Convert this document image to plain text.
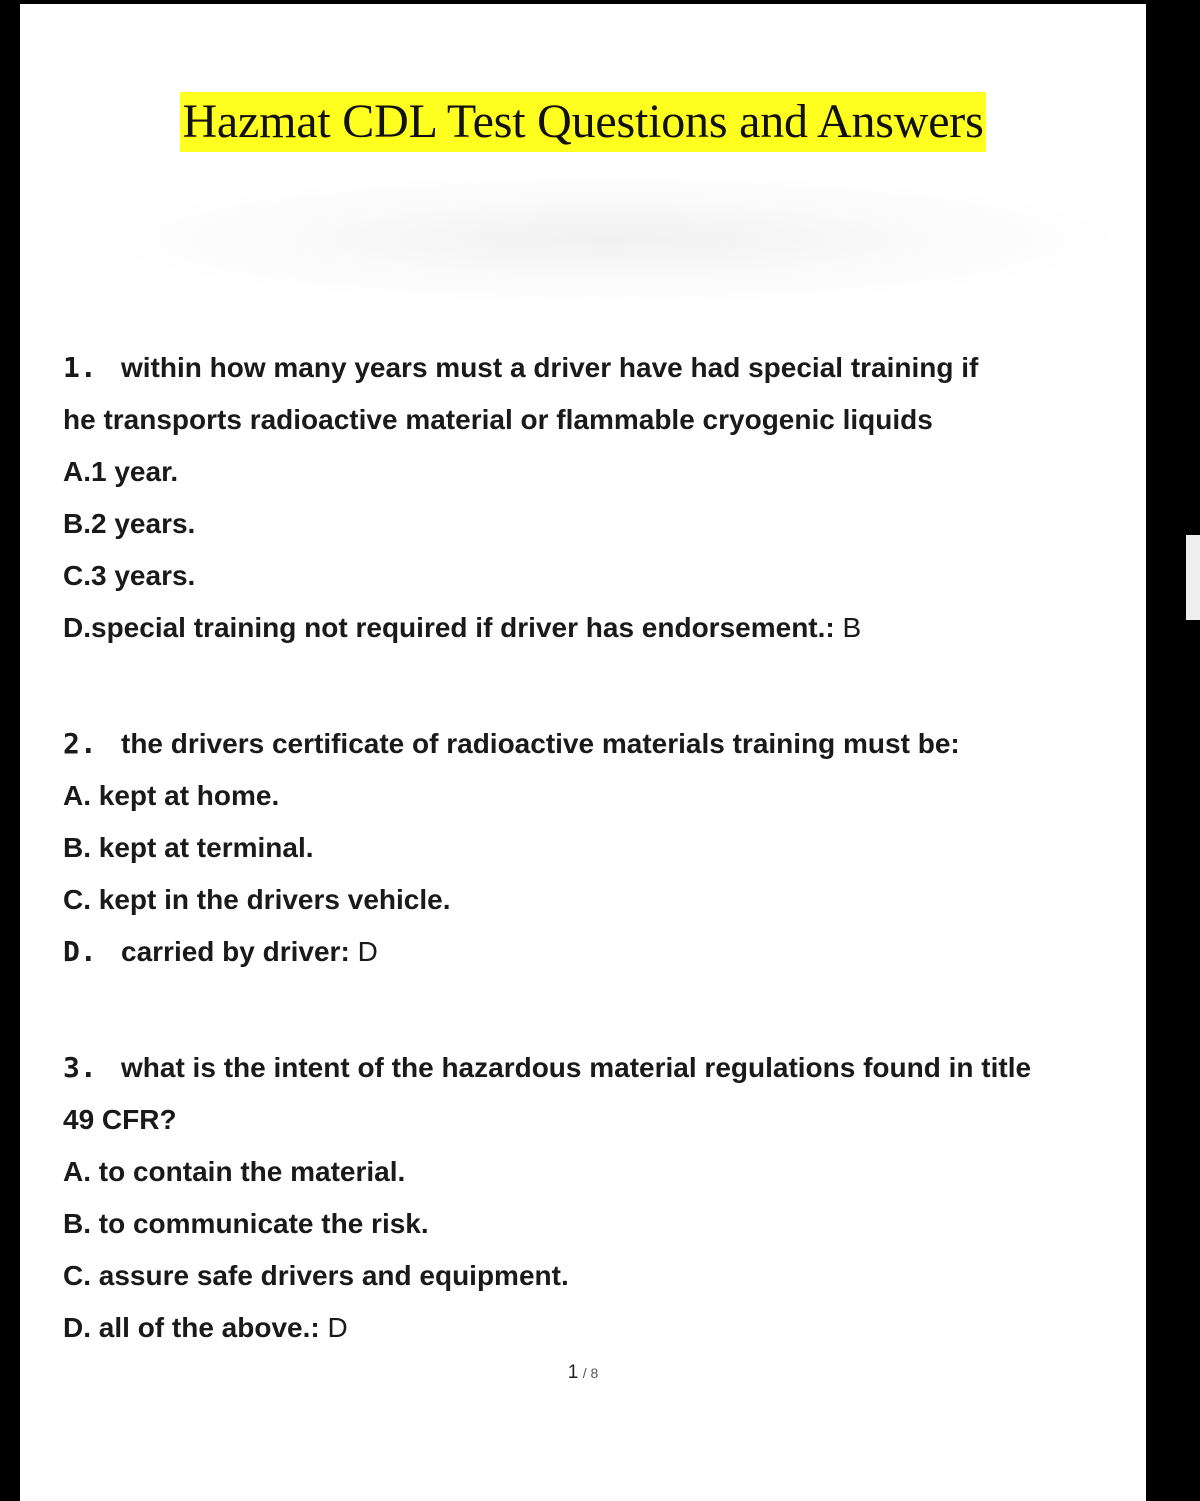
Hazmat CDL Test Questions and Answers
1. within how many years must a driver have had special training if
he transports radioactive material or flammable cryogenic liquids
A.1 year.
B.2 years.
C.3 years.
D.special training not required if driver has endorsement.: B
2. the drivers certificate of radioactive materials training must be:
A. kept at home.
B. kept at terminal.
C. kept in the drivers vehicle.
D. carried by driver: D
3. what is the intent of the hazardous material regulations found in title
49 CFR?
A. to contain the material.
B. to communicate the risk.
C. assure safe drivers and equipment.
D. all of the above.: D
1 / 8
